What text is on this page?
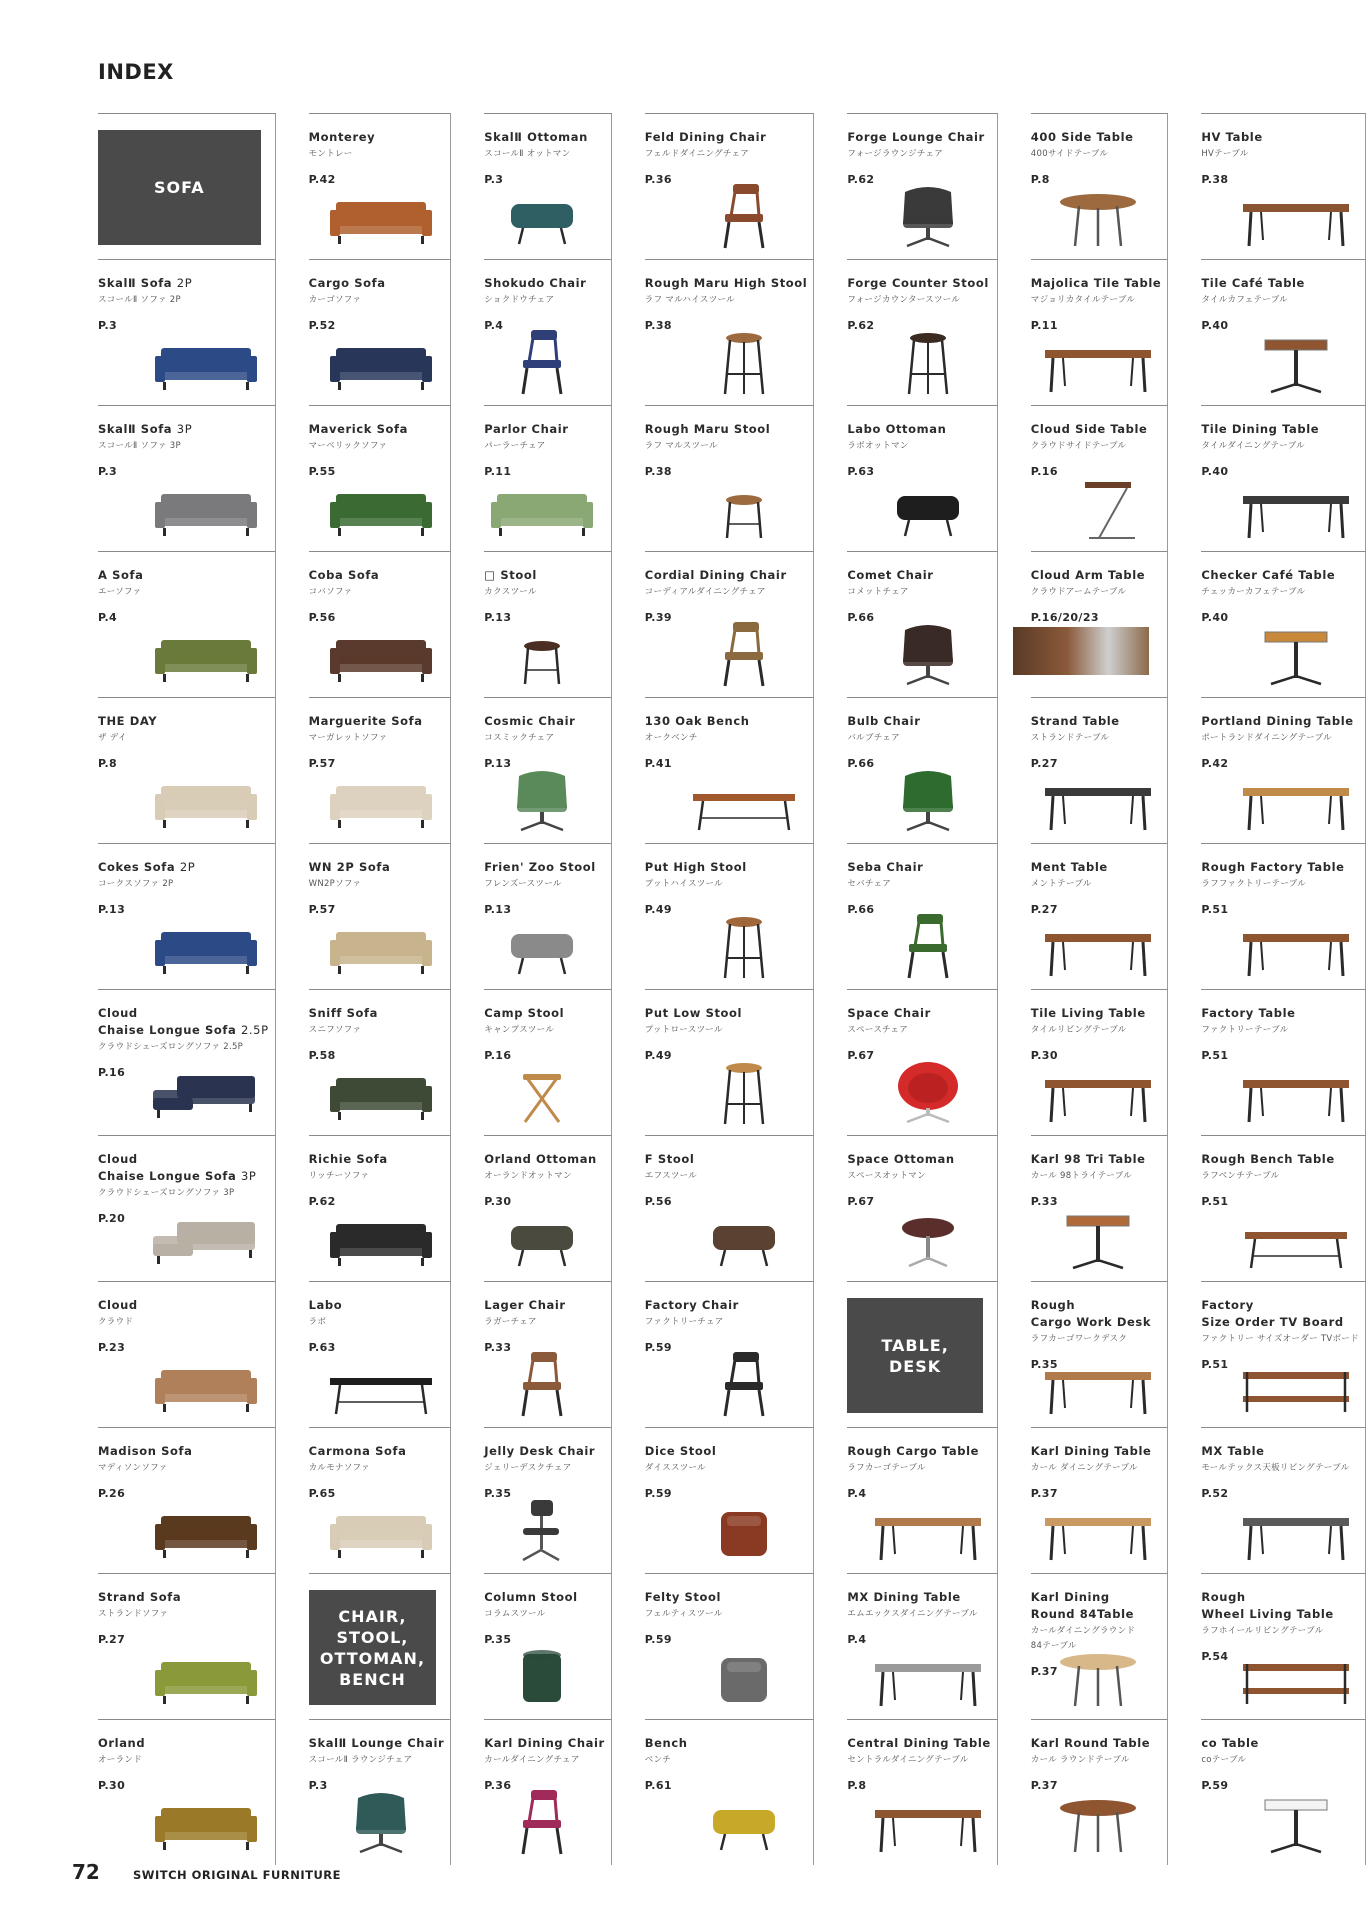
INDEX
SOFA
Monterey
モントレー
P.42
SkalⅡ Ottoman
スコールⅡ オットマン
P.3
Feld Dining Chair
フェルドダイニングチェア
P.36
Forge Lounge Chair
フォージラウンジチェア
P.62
400 Side Table
400サイドテーブル
P.8
HV Table
HVテーブル
P.38
SkalⅡ Sofa 2P
スコールⅡ ソファ 2P
P.3
Cargo Sofa
カーゴソファ
P.52
Shokudo Chair
ショクドウチェア
P.4
Rough Maru High Stool
ラフ マルハイスツール
P.38
Forge Counter Stool
フォージカウンタースツール
P.62
Majolica Tile Table
マジョリカタイルテーブル
P.11
Tile Café Table
タイルカフェテーブル
P.40
SkalⅡ Sofa 3P
スコールⅡ ソファ 3P
P.3
Maverick Sofa
マーベリックソファ
P.55
Parlor Chair
パーラーチェア
P.11
Rough Maru Stool
ラフ マルスツール
P.38
Labo Ottoman
ラボオットマン
P.63
Cloud Side Table
クラウドサイドテーブル
P.16
Tile Dining Table
タイルダイニングテーブル
P.40
A Sofa
エーソファ
P.4
Coba Sofa
コバソファ
P.56
□ Stool
カクスツール
P.13
Cordial Dining Chair
コーディアルダイニングチェア
P.39
Comet Chair
コメットチェア
P.66
Cloud Arm Table
クラウドアームテーブル
P.16/20/23
Checker Café Table
チェッカーカフェテーブル
P.40
THE DAY
ザ デイ
P.8
Marguerite Sofa
マーガレットソファ
P.57
Cosmic Chair
コスミックチェア
P.13
130 Oak Bench
オークベンチ
P.41
Bulb Chair
バルブチェア
P.66
Strand Table
ストランドテーブル
P.27
Portland Dining Table
ポートランドダイニングテーブル
P.42
Cokes Sofa 2P
コークスソファ 2P
P.13
WN 2P Sofa
WN2Pソファ
P.57
Frien' Zoo Stool
フレンズースツール
P.13
Put High Stool
プットハイスツール
P.49
Seba Chair
セバチェア
P.66
Ment Table
メントテーブル
P.27
Rough Factory Table
ラフファクトリーテーブル
P.51
Cloud
Chaise Longue Sofa 2.5P
クラウドシェーズロングソファ 2.5P
P.16
Sniff Sofa
スニフソファ
P.58
Camp Stool
キャンプスツール
P.16
Put Low Stool
プットロースツール
P.49
Space Chair
スペースチェア
P.67
Tile Living Table
タイルリビングテーブル
P.30
Factory Table
ファクトリーテーブル
P.51
Cloud
Chaise Longue Sofa 3P
クラウドシェーズロングソファ 3P
P.20
Richie Sofa
リッチーソファ
P.62
Orland Ottoman
オーランドオットマン
P.30
F Stool
エフスツール
P.56
Space Ottoman
スペースオットマン
P.67
Karl 98 Tri Table
カール 98トライテーブル
P.33
Rough Bench Table
ラフベンチテーブル
P.51
Cloud
クラウド
P.23
Labo
ラボ
P.63
Lager Chair
ラガーチェア
P.33
Factory Chair
ファクトリーチェア
P.59	TABLE,
DESK
Rough
Cargo Work Desk
ラフカーゴワークデスク
P.35
Factory
Size Order TV Board
ファクトリー サイズオーダー TVボード
P.51
Madison Sofa
マディソンソファ
P.26
Carmona Sofa
カルモナソファ
P.65
Jelly Desk Chair
ジェリーデスクチェア
P.35
Dice Stool
ダイススツール
P.59
Rough Cargo Table
ラフカーゴテーブル
P.4
Karl Dining Table
カール ダイニングテーブル
P.37
MX Table
モールテックス天板リビングテーブル
P.52
Strand Sofa
ストランドソファ
P.27
CHAIR,
STOOL,
OTTOMAN,
BENCH
Column Stool
コラムスツール
P.35
Felty Stool
フェルティスツール
P.59
MX Dining Table
エムエックスダイニングテーブル
P.4
Karl Dining
Round 84Table
カールダイニングラウンド
84テーブル
P.37
Rough
Wheel Living Table
ラフホイールリビングテーブル
P.54
Orland
オーランド
P.30
SkalⅡ Lounge Chair
スコールⅡ ラウンジチェア
P.3
Karl Dining Chair
カールダイニングチェア
P.36
Bench
ベンチ
P.61
Central Dining Table
セントラルダイニングテーブル
P.8
Karl Round Table
カール ラウンドテーブル
P.37
co Table
coテーブル
P.59
72	SWITCH ORIGINAL FURNITURE
